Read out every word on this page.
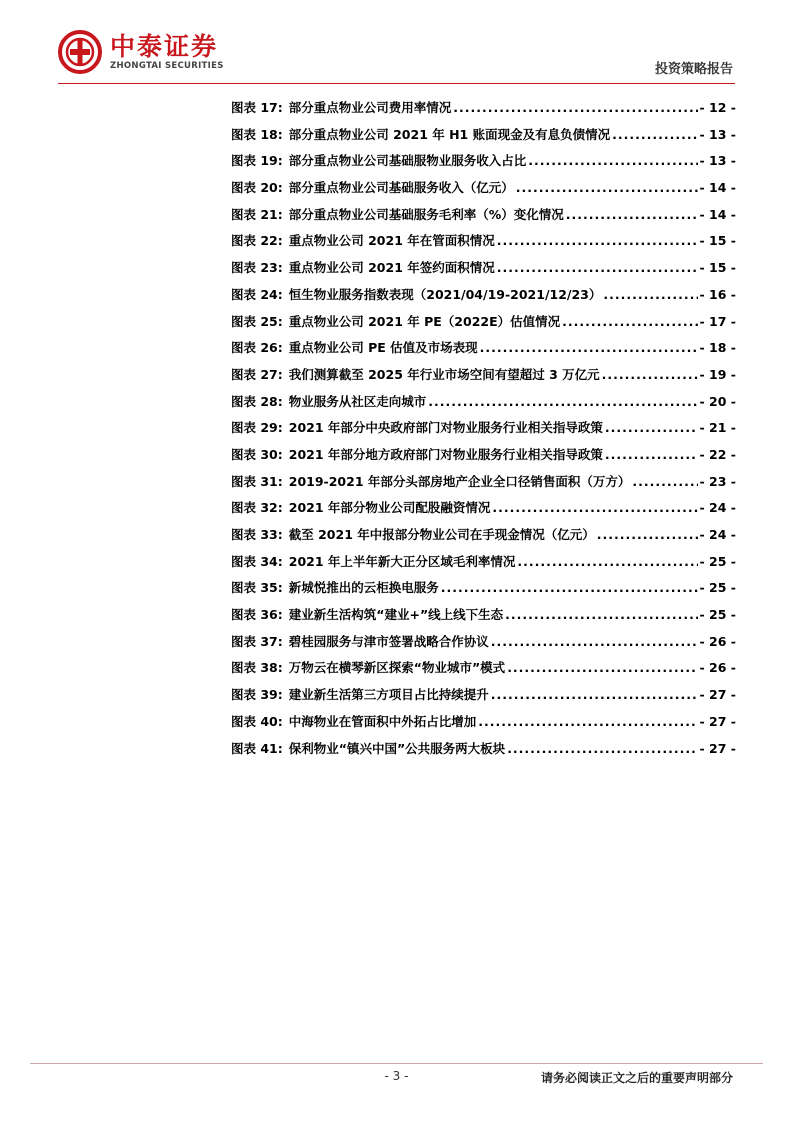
中泰证券
ZHONGTAI SECURITIES	投资策略报告
图表 17: 部分重点物业公司费用率情况 .....	- 12 -
图表 18: 部分重点物业公司 2021 年 H1 账面现金及有息负债情况 .....	- 13 -
图表 19: 部分重点物业公司基础服物业服务收入占比 .....	- 13 -
图表 20: 部分重点物业公司基础服务收入（亿元） .....	- 14 -
图表 21: 部分重点物业公司基础服务毛利率（%）变化情况 .....	- 14 -
图表 22: 重点物业公司 2021 年在管面积情况 .....	- 15 -
图表 23: 重点物业公司 2021 年签约面积情况 .....	- 15 -
图表 24: 恒生物业服务指数表现（2021/04/19-2021/12/23） .....	- 16 -
图表 25: 重点物业公司 2021 年 PE（2022E）估值情况 .....	- 17 -
图表 26: 重点物业公司 PE 估值及市场表现 .....	- 18 -
图表 27: 我们测算截至 2025 年行业市场空间有望超过 3 万亿元 .....	- 19 -
图表 28: 物业服务从社区走向城市 .....	- 20 -
图表 29: 2021 年部分中央政府部门对物业服务行业相关指导政策 .....	- 21 -
图表 30: 2021 年部分地方政府部门对物业服务行业相关指导政策 .....	- 22 -
图表 31: 2019-2021 年部分头部房地产企业全口径销售面积（万方） .....	- 23 -
图表 32: 2021 年部分物业公司配股融资情况 .....	- 24 -
图表 33: 截至 2021 年中报部分物业公司在手现金情况（亿元） .....	- 24 -
图表 34: 2021 年上半年新大正分区域毛利率情况 .....	- 25 -
图表 35: 新城悦推出的云柜换电服务 .....	- 25 -
图表 36: 建业新生活构筑“建业+”线上线下生态 .....	- 25 -
图表 37: 碧桂园服务与津市签署战略合作协议 .....	- 26 -
图表 38: 万物云在横琴新区探索“物业城市”模式 .....	- 26 -
图表 39: 建业新生活第三方项目占比持续提升 .....	- 27 -
图表 40: 中海物业在管面积中外拓占比增加 .....	- 27 -
图表 41: 保利物业“镇兴中国”公共服务两大板块 .....	- 27 -
- 3 -	请务必阅读正文之后的重要声明部分
